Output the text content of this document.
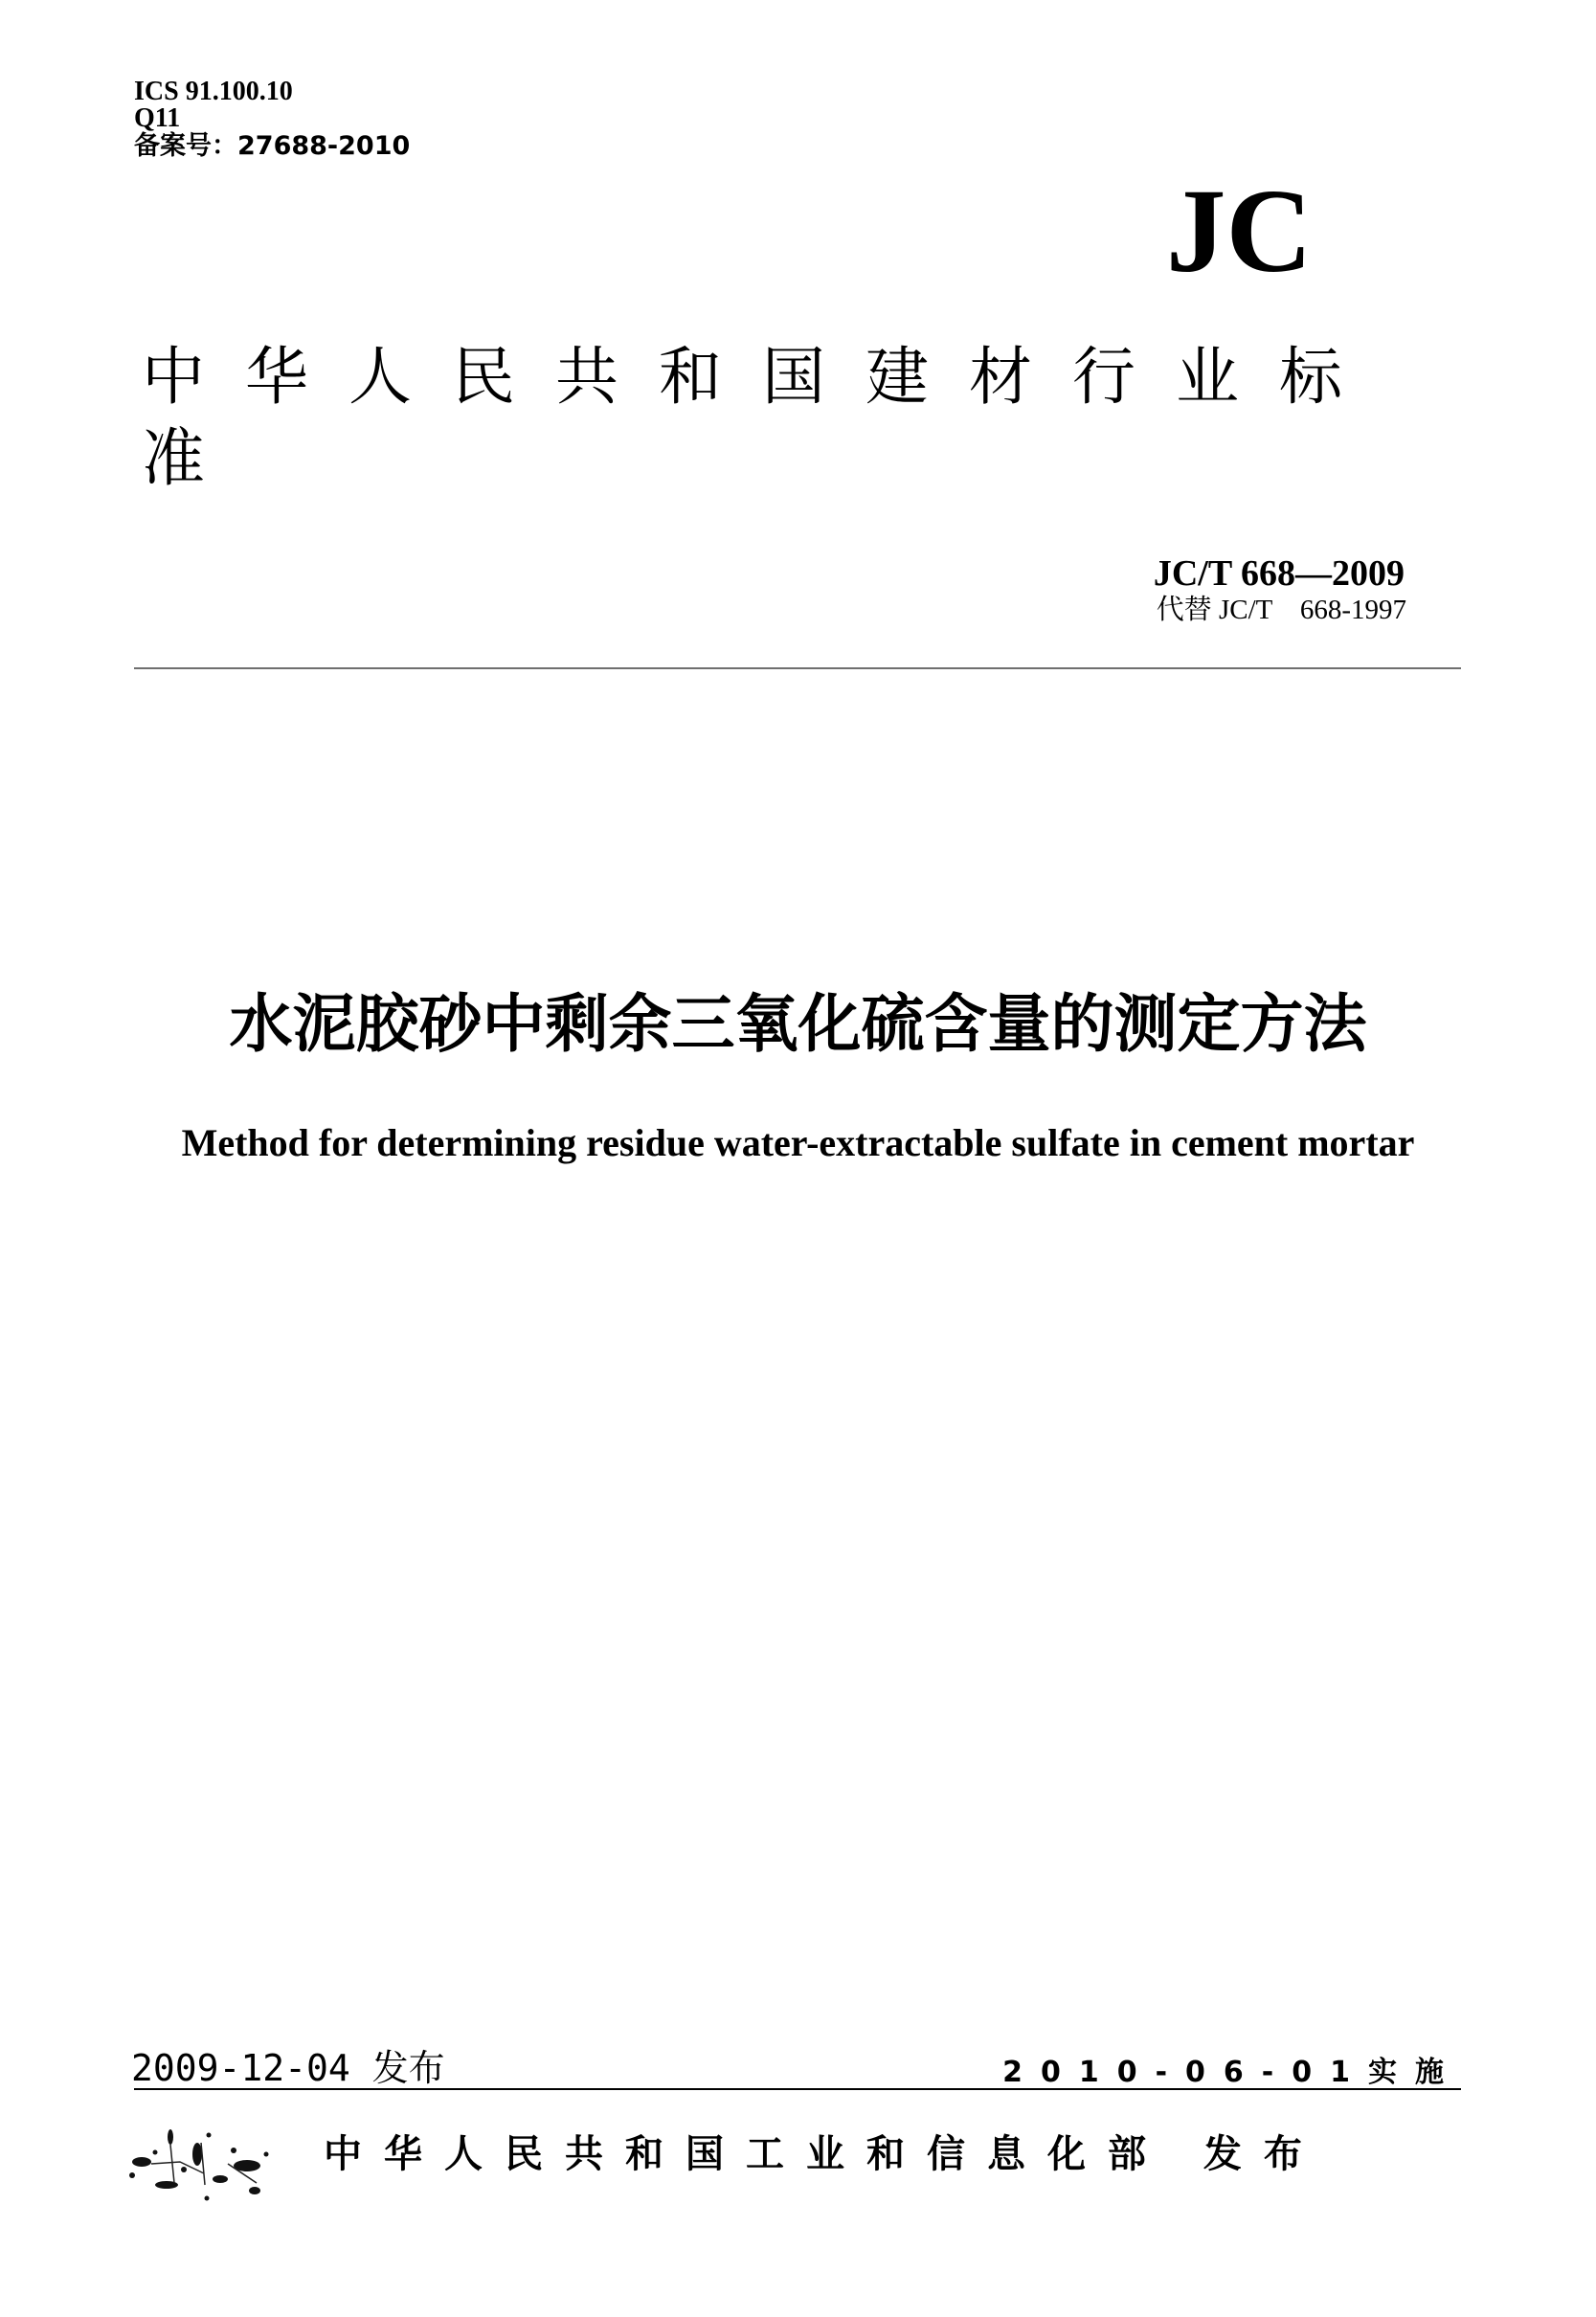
ICS 91.100.10
Q11
备案号：27688-2010
JC
中华人民共和国建材行业标
准
JC/T 668—2009
代替 JC/T    668-1997
水泥胶砂中剩余三氧化硫含量的测定方法
Method for determining residue water-extractable sulfate in cement mortar
2009-12-04 发布	2010-06-01实施
中华人民共和国工业和信息化部 发布
